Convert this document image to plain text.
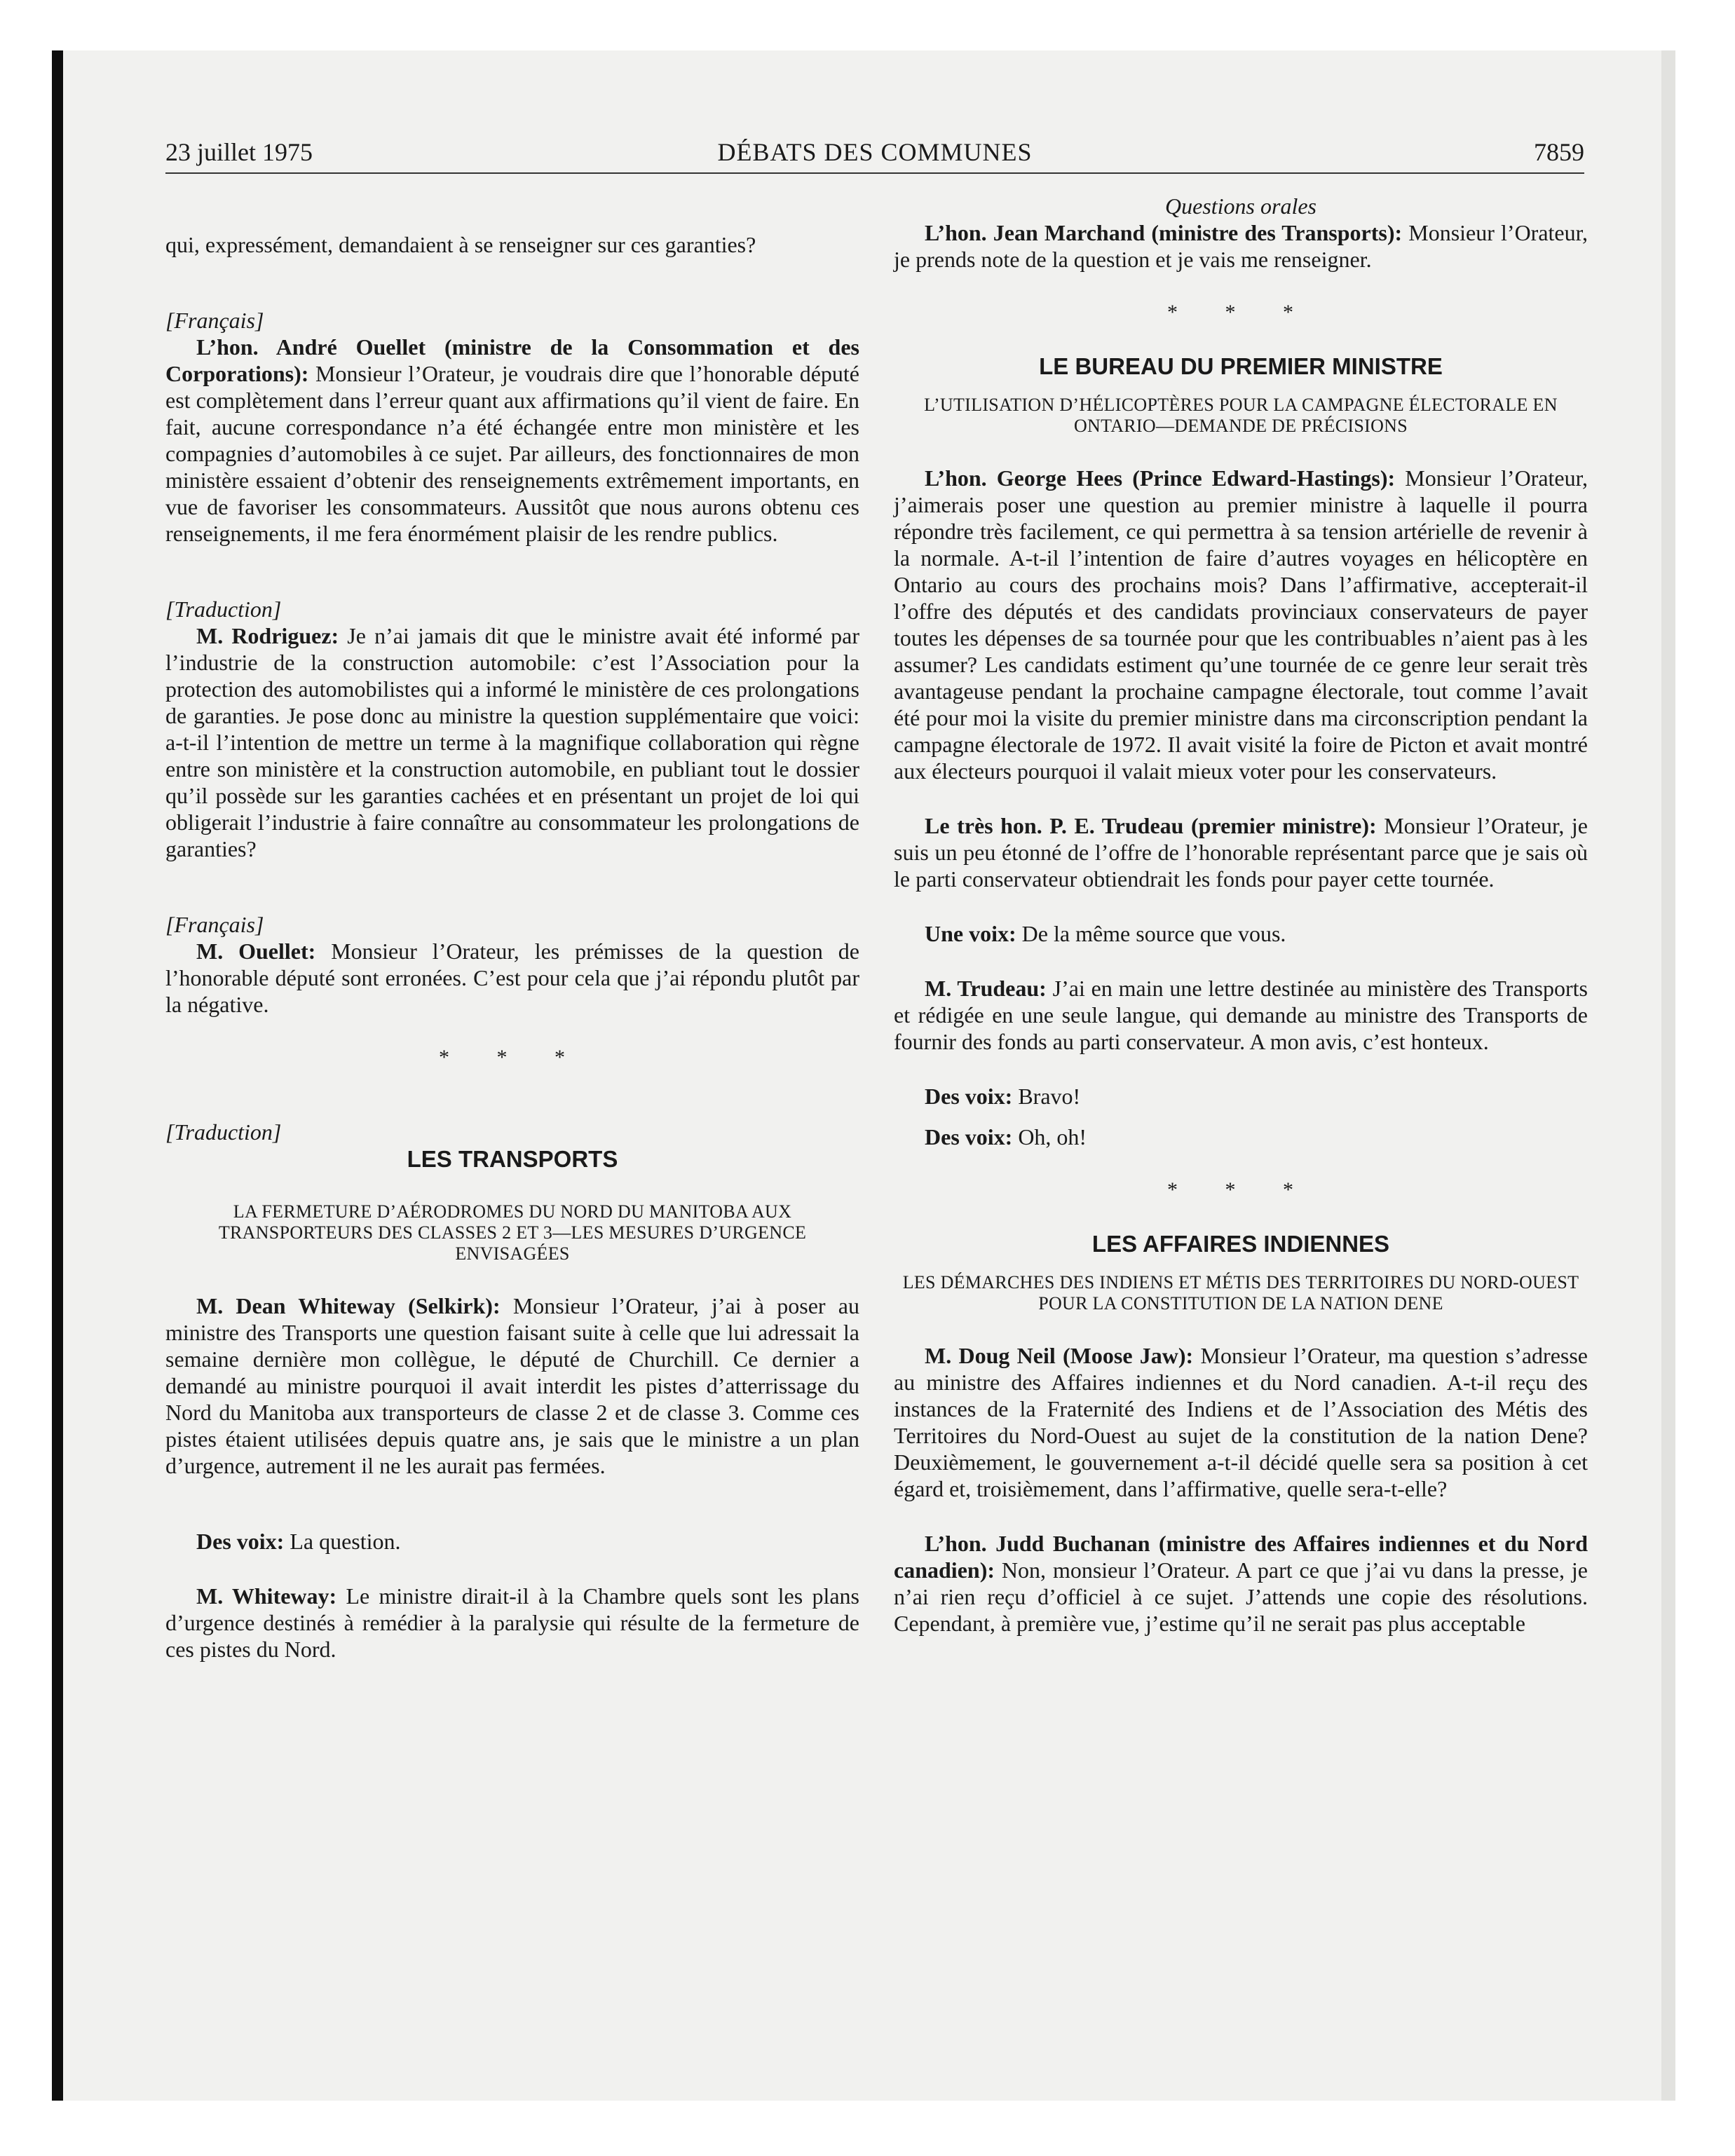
23 juillet 1975	DÉBATS DES COMMUNES	7859

qui, expressément, demandaient à se renseigner sur ces garanties?

[Français]

L’hon. André Ouellet (ministre de la Consommation et des Corporations): Monsieur l’Orateur, je voudrais dire que l’honorable député est complètement dans l’erreur quant aux affirmations qu’il vient de faire. En fait, aucune correspondance n’a été échangée entre mon ministère et les compagnies d’automobiles à ce sujet. Par ailleurs, des fonctionnaires de mon ministère essaient d’obtenir des renseignements extrêmement importants, en vue de favoriser les consommateurs. Aussitôt que nous aurons obtenu ces renseignements, il me fera énormément plaisir de les rendre publics.

[Traduction]

M. Rodriguez: Je n’ai jamais dit que le ministre avait été informé par l’industrie de la construction automobile: c’est l’Association pour la protection des automobilistes qui a informé le ministère de ces prolongations de garanties. Je pose donc au ministre la question supplémentaire que voici: a-t-il l’intention de mettre un terme à la magnifique collaboration qui règne entre son ministère et la construction automobile, en publiant tout le dossier qu’il possède sur les garanties cachées et en présentant un projet de loi qui obligerait l’industrie à faire connaître au consommateur les prolongations de garanties?

[Français]

M. Ouellet: Monsieur l’Orateur, les prémisses de la question de l’honorable député sont erronées. C’est pour cela que j’ai répondu plutôt par la négative.

* * *

[Traduction]

LES TRANSPORTS

LA FERMETURE D’AÉRODROMES DU NORD DU MANITOBA AUX TRANSPORTEURS DES CLASSES 2 ET 3—LES MESURES D’URGENCE ENVISAGÉES

M. Dean Whiteway (Selkirk): Monsieur l’Orateur, j’ai à poser au ministre des Transports une question faisant suite à celle que lui adressait la semaine dernière mon collègue, le député de Churchill. Ce dernier a demandé au ministre pourquoi il avait interdit les pistes d’atterrissage du Nord du Manitoba aux transporteurs de classe 2 et de classe 3. Comme ces pistes étaient utilisées depuis quatre ans, je sais que le ministre a un plan d’urgence, autrement il ne les aurait pas fermées.

Des voix: La question.

M. Whiteway: Le ministre dirait-il à la Chambre quels sont les plans d’urgence destinés à remédier à la paralysie qui résulte de la fermeture de ces pistes du Nord.

Questions orales

L’hon. Jean Marchand (ministre des Transports): Monsieur l’Orateur, je prends note de la question et je vais me renseigner.

* * *

LE BUREAU DU PREMIER MINISTRE

L’UTILISATION D’HÉLICOPTÈRES POUR LA CAMPAGNE ÉLECTORALE EN ONTARIO—DEMANDE DE PRÉCISIONS

L’hon. George Hees (Prince Edward-Hastings): Monsieur l’Orateur, j’aimerais poser une question au premier ministre à laquelle il pourra répondre très facilement, ce qui permettra à sa tension artérielle de revenir à la normale. A-t-il l’intention de faire d’autres voyages en hélicoptère en Ontario au cours des prochains mois? Dans l’affirmative, accepterait-il l’offre des députés et des candidats provinciaux conservateurs de payer toutes les dépenses de sa tournée pour que les contribuables n’aient pas à les assumer? Les candidats estiment qu’une tournée de ce genre leur serait très avantageuse pendant la prochaine campagne électorale, tout comme l’avait été pour moi la visite du premier ministre dans ma circonscription pendant la campagne électorale de 1972. Il avait visité la foire de Picton et avait montré aux électeurs pourquoi il valait mieux voter pour les conservateurs.

Le très hon. P. E. Trudeau (premier ministre): Monsieur l’Orateur, je suis un peu étonné de l’offre de l’honorable représentant parce que je sais où le parti conservateur obtiendrait les fonds pour payer cette tournée.

Une voix: De la même source que vous.

M. Trudeau: J’ai en main une lettre destinée au ministère des Transports et rédigée en une seule langue, qui demande au ministre des Transports de fournir des fonds au parti conservateur. A mon avis, c’est honteux.

Des voix: Bravo!

Des voix: Oh, oh!

* * *

LES AFFAIRES INDIENNES

LES DÉMARCHES DES INDIENS ET MÉTIS DES TERRITOIRES DU NORD-OUEST POUR LA CONSTITUTION DE LA NATION DENE

M. Doug Neil (Moose Jaw): Monsieur l’Orateur, ma question s’adresse au ministre des Affaires indiennes et du Nord canadien. A-t-il reçu des instances de la Fraternité des Indiens et de l’Association des Métis des Territoires du Nord-Ouest au sujet de la constitution de la nation Dene? Deuxièmement, le gouvernement a-t-il décidé quelle sera sa position à cet égard et, troisièmement, dans l’affirmative, quelle sera-t-elle?

L’hon. Judd Buchanan (ministre des Affaires indiennes et du Nord canadien): Non, monsieur l’Orateur. A part ce que j’ai vu dans la presse, je n’ai rien reçu d’officiel à ce sujet. J’attends une copie des résolutions. Cependant, à première vue, j’estime qu’il ne serait pas plus acceptable
